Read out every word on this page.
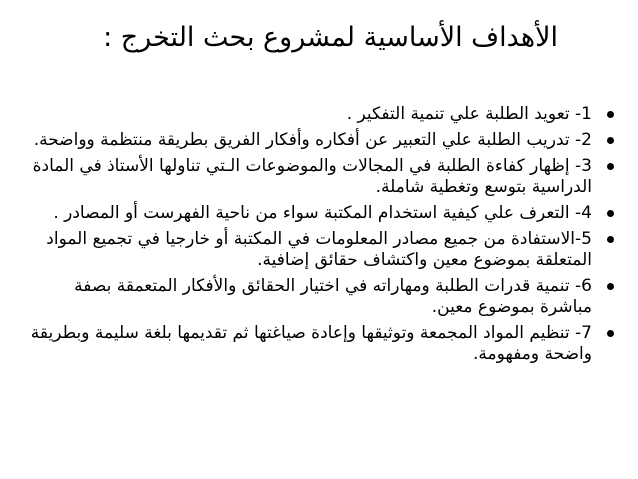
الأهداف الأساسية لمشروع بحث التخرج :
1- تعويد الطلبة علي تنمية التفكير .
2- تدريب الطلبة علي التعبير عن أفكاره وأفكار الفريق بطريقة منتظمة وواضحة.
3- إظهار كفاءة الطلبة في المجالات والموضوعات الـتي تناولها الأستاذ في المادة الدراسية بتوسع وتغطية شاملة.
4- التعرف علي كيفية استخدام المكتبة سواء من ناحية الفهرست أو المصادر .
5-الاستفادة من جميع مصادر المعلومات في المكتبة أو خارجيا في تجميع المواد المتعلقة بموضوع معين واكتشاف حقائق إضافية.
6- تنمية قدرات الطلبة ومهاراته في اختيار الحقائق والأفكار المتعمقة بصفة مباشرة بموضوع معين.
7- تنظيم المواد المجمعة وتوثيقها وإعادة صياغتها ثم تقديمها بلغة سليمة وبطريقة واضحة ومفهومة.
